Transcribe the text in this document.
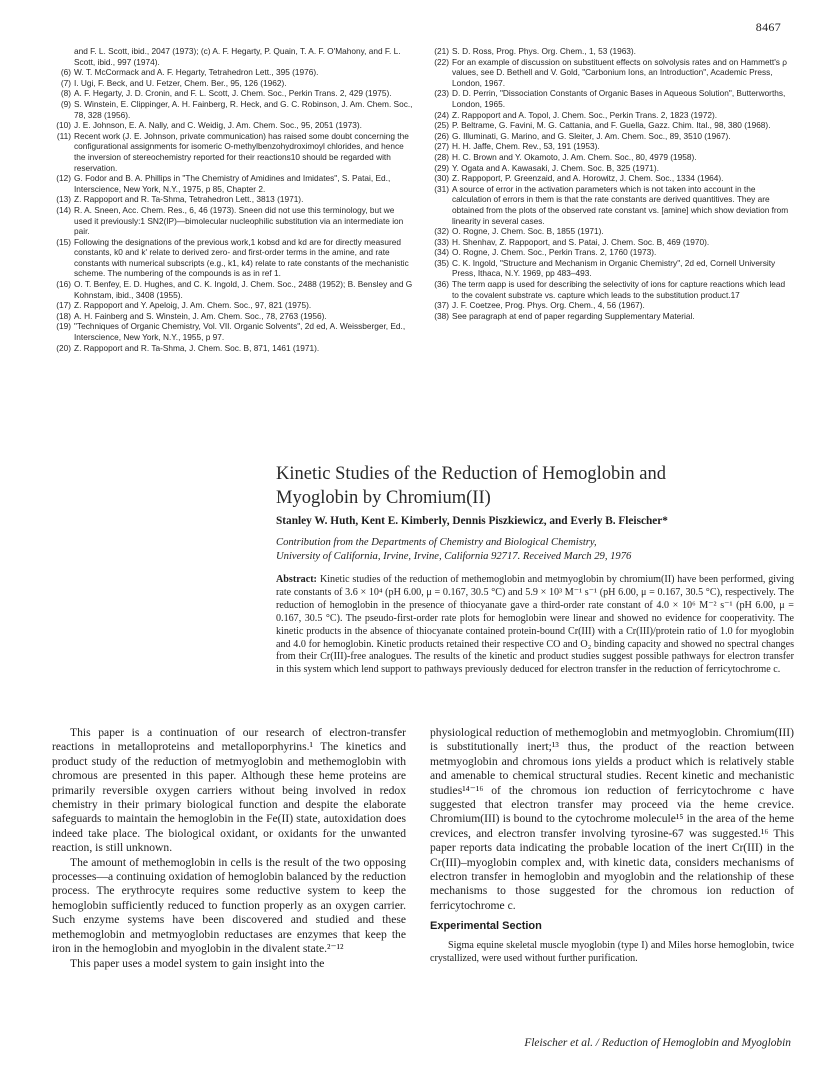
8467

and F. L. Scott, ibid., 2047 (1973); (c) A. F. Hegarty, P. Quain, T. A. F. O'Mahony, and F. L. Scott, ibid., 997 (1974).

(6) W. T. McCormack and A. F. Hegarty, Tetrahedron Lett., 395 (1976).

(7) I. Ugi, F. Beck, and U. Fetzer, Chem. Ber., 95, 126 (1962).

(8) A. F. Hegarty, J. D. Cronin, and F. L. Scott, J. Chem. Soc., Perkin Trans. 2, 429 (1975).

(9) S. Winstein, E. Clippinger, A. H. Fainberg, R. Heck, and G. C. Robinson, J. Am. Chem. Soc., 78, 328 (1956).

(10) J. E. Johnson, E. A. Nally, and C. Weidig, J. Am. Chem. Soc., 95, 2051 (1973).

(11) Recent work (J. E. Johnson, private communication) has raised some doubt concerning the configurational assignments for isomeric O-methylbenzohydroximoyl chlorides, and hence the inversion of stereochemistry reported for their reactions10 should be regarded with reservation.

(12) G. Fodor and B. A. Phillips in "The Chemistry of Amidines and Imidates", S. Patai, Ed., Interscience, New York, N.Y., 1975, p 85, Chapter 2.

(13) Z. Rappoport and R. Ta-Shma, Tetrahedron Lett., 3813 (1971).

(14) R. A. Sneen, Acc. Chem. Res., 6, 46 (1973). Sneen did not use this terminology, but we used it previously:1 SN2(IP)—bimolecular nucleophilic substitution via an intermediate ion pair.

(15) Following the designations of the previous work,1 kobsd and kd are for directly measured constants, k0 and k' relate to derived zero- and first-order terms in the amine, and rate constants with numerical subscripts (e.g., k1, k4) relate to rate constants of the mechanistic scheme. The numbering of the compounds is as in ref 1.

(16) O. T. Benfey, E. D. Hughes, and C. K. Ingold, J. Chem. Soc., 2488 (1952); B. Bensley and G Kohnstam, ibid., 3408 (1955).

(17) Z. Rappoport and Y. Apeloig, J. Am. Chem. Soc., 97, 821 (1975).

(18) A. H. Fainberg and S. Winstein, J. Am. Chem. Soc., 78, 2763 (1956).

(19) "Techniques of Organic Chemistry, Vol. VII. Organic Solvents", 2d ed, A. Weissberger, Ed., Interscience, New York, N.Y., 1955, p 97.

(20) Z. Rappoport and R. Ta-Shma, J. Chem. Soc. B, 871, 1461 (1971).

(21) S. D. Ross, Prog. Phys. Org. Chem., 1, 53 (1963).

(22) For an example of discussion on substituent effects on solvolysis rates and on Hammett's ρ values, see D. Bethell and V. Gold, "Carbonium Ions, an Introduction", Academic Press, London, 1967.

(23) D. D. Perrin, "Dissociation Constants of Organic Bases in Aqueous Solution", Butterworths, London, 1965.

(24) Z. Rappoport and A. Topol, J. Chem. Soc., Perkin Trans. 2, 1823 (1972).

(25) P. Beltrame, G. Favini, M. G. Cattania, and F. Guella, Gazz. Chim. Ital., 98, 380 (1968).

(26) G. Illuminati, G. Marino, and G. Sleiter, J. Am. Chem. Soc., 89, 3510 (1967).

(27) H. H. Jaffe, Chem. Rev., 53, 191 (1953).

(28) H. C. Brown and Y. Okamoto, J. Am. Chem. Soc., 80, 4979 (1958).

(29) Y. Ogata and A. Kawasaki, J. Chem. Soc. B, 325 (1971).

(30) Z. Rappoport, P. Greenzaid, and A. Horowitz, J. Chem. Soc., 1334 (1964).

(31) A source of error in the activation parameters which is not taken into account in the calculation of errors in them is that the rate constants are derived quantitives. They are obtained from the plots of the observed rate constant vs. [amine] which show deviation from linearity in several cases.

(32) O. Rogne, J. Chem. Soc. B, 1855 (1971).

(33) H. Shenhav, Z. Rappoport, and S. Patai, J. Chem. Soc. B, 469 (1970).

(34) O. Rogne, J. Chem. Soc., Perkin Trans. 2, 1760 (1973).

(35) C. K. Ingold, "Structure and Mechanism in Organic Chemistry", 2d ed, Cornell University Press, Ithaca, N.Y. 1969, pp 483–493.

(36) The term αapp is used for describing the selectivity of ions for capture reactions which lead to the covalent substrate vs. capture which leads to the substitution product.17

(37) J. F. Coetzee, Prog. Phys. Org. Chem., 4, 56 (1967).

(38) See paragraph at end of paper regarding Supplementary Material.

Kinetic Studies of the Reduction of Hemoglobin and Myoglobin by Chromium(II)
Stanley W. Huth, Kent E. Kimberly, Dennis Piszkiewicz, and Everly B. Fleischer*
Contribution from the Departments of Chemistry and Biological Chemistry,
University of California, Irvine, Irvine, California 92717. Received March 29, 1976

Abstract: Kinetic studies of the reduction of methemoglobin and metmyoglobin by chromium(II) have been performed, giving rate constants of 3.6 × 10⁴ (pH 6.00, μ = 0.167, 30.5 °C) and 5.9 × 10³ M⁻¹ s⁻¹ (pH 6.00, μ = 0.167, 30.5 °C), respectively. The reduction of hemoglobin in the presence of thiocyanate gave a third-order rate constant of 4.0 × 10⁶ M⁻² s⁻¹ (pH 6.00, μ = 0.167, 30.5 °C). The pseudo-first-order rate plots for hemoglobin were linear and showed no evidence for cooperativity. The kinetic products in the absence of thiocyanate contained protein-bound Cr(III) with a Cr(III)/protein ratio of 1.0 for myoglobin and 4.0 for hemoglobin. Kinetic products retained their respective CO and O₂ binding capacity and showed no spectral changes from their Cr(III)-free analogues. The results of the kinetic and product studies suggest possible pathways for electron transfer in this system which lend support to pathways previously deduced for electron transfer in the reduction of ferricytochrome c.

This paper is a continuation of our research of electron-transfer reactions in metalloproteins and metalloporphyrins.¹ The kinetics and product study of the reduction of metmyoglobin and methemoglobin with chromous are presented in this paper. Although these heme proteins are primarily reversible oxygen carriers without being involved in redox chemistry in their primary biological function and despite the elaborate safeguards to maintain the hemoglobin in the Fe(II) state, autoxidation does indeed take place. The biological oxidant, or oxidants for the unwanted reaction, is still unknown.

The amount of methemoglobin in cells is the result of the two opposing processes—a continuing oxidation of hemoglobin balanced by the reduction process. The erythrocyte requires some reductive system to keep the hemoglobin sufficiently reduced to function properly as an oxygen carrier. Such enzyme systems have been discovered and studied and these methemoglobin and metmyoglobin reductases are enzymes that keep the iron in the hemoglobin and myoglobin in the divalent state.²⁻¹²

This paper uses a model system to gain insight into the

physiological reduction of methemoglobin and metmyoglobin. Chromium(III) is substitutionally inert;¹³ thus, the product of the reaction between metmyoglobin and chromous ions yields a product which is relatively stable and amenable to chemical structural studies. Recent kinetic and mechanistic studies¹⁴⁻¹⁶ of the chromous ion reduction of ferricytochrome c have suggested that electron transfer may proceed via the heme crevice. Chromium(III) is bound to the cytochrome molecule¹⁵ in the area of the heme crevices, and electron transfer involving tyrosine-67 was suggested.¹⁶ This paper reports data indicating the probable location of the inert Cr(III) in the Cr(III)–myoglobin complex and, with kinetic data, considers mechanisms of electron transfer in hemoglobin and myoglobin and the relationship of these mechanisms to those suggested for the chromous ion reduction of ferricytochrome c.

Experimental Section

Sigma equine skeletal muscle myoglobin (type I) and Miles horse hemoglobin, twice crystallized, were used without further purification.

Fleischer et al. / Reduction of Hemoglobin and Myoglobin
